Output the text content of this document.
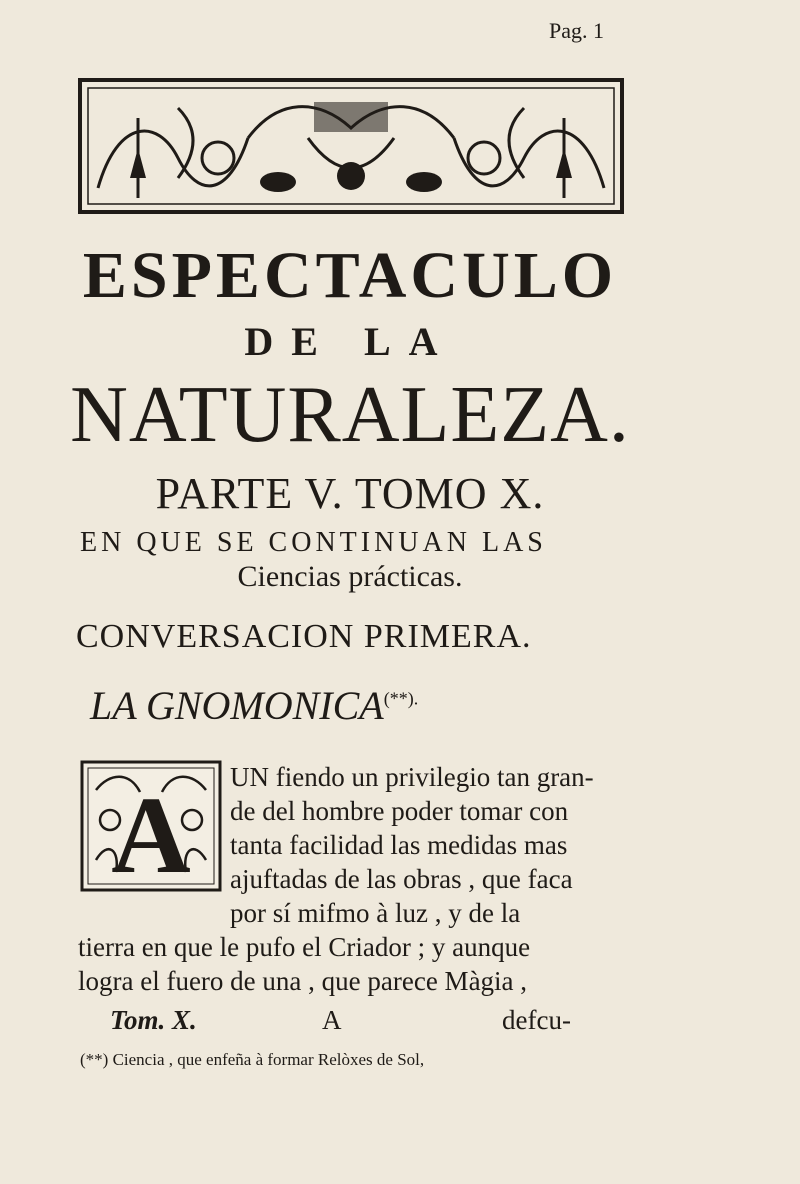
Pag. 1
ESPECTACULO
DE LA
NATURALEZA.
PARTE V. TOMO X.
EN QUE SE CONTINUAN LAS
Ciencias prácticas.
CONVERSACION PRIMERA.
LA GNOMONICA(**).
A UN fiendo un privilegio tan gran-
de del hombre poder tomar con
tanta facilidad las medidas mas
ajuftadas de las obras , que faca
por sí mifmo à luz , y de la
tierra en que le pufo el Criador ; y aunque
logra el fuero de una , que parece Màgia ,
Tom. X.	A	defcu-
(**) Ciencia , que enfeña à formar Relòxes de Sol,
